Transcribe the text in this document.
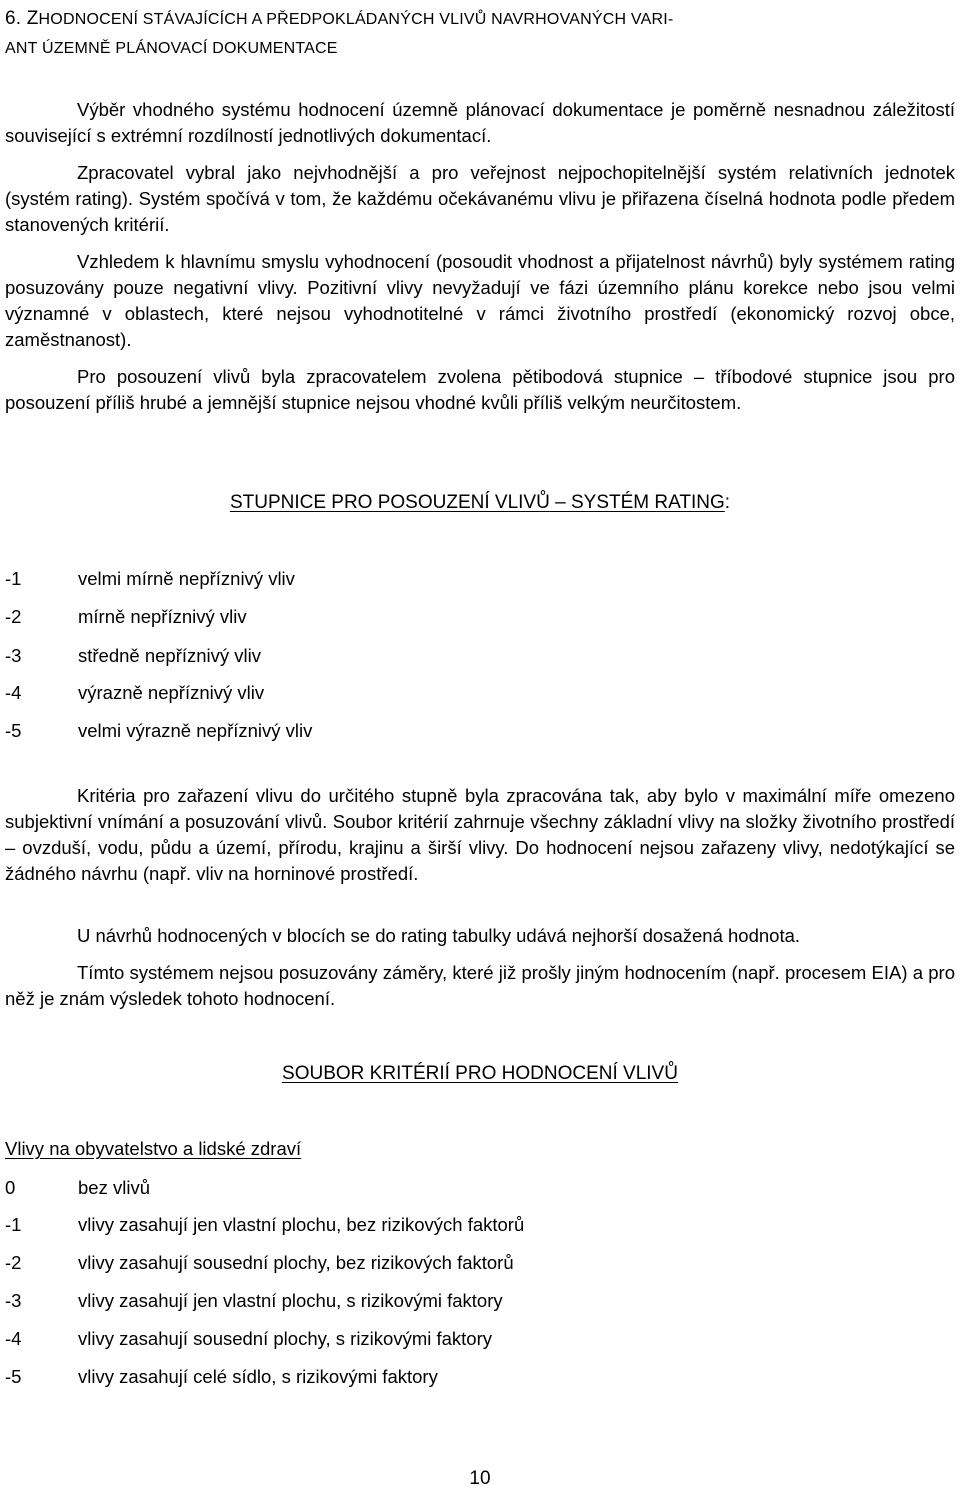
6. ZHODNOCENÍ STÁVAJÍCÍCH A PŘEDPOKLÁDANÝCH VLIVŮ NAVRHOVANÝCH VARI-
ANT ÚZEMNĚ PLÁNOVACÍ DOKUMENTACE

Výběr vhodného systému hodnocení územně plánovací dokumentace je poměrně nesnadnou záležitostí související s extrémní rozdílností jednotlivých dokumentací.

Zpracovatel vybral jako nejvhodnější a pro veřejnost nejpochopitelnější systém relativních jednotek (systém rating). Systém spočívá v tom, že každému očekávanému vlivu je přiřazena číselná hodnota podle předem stanovených kritérií.

Vzhledem k hlavnímu smyslu vyhodnocení (posoudit vhodnost a přijatelnost návrhů) byly systémem rating posuzovány pouze negativní vlivy. Pozitivní vlivy nevyžadují ve fázi územního plánu korekce nebo jsou velmi významné v oblastech, které nejsou vyhodnotitelné v rámci životního prostředí (ekonomický rozvoj obce, zaměstnanost).

Pro posouzení vlivů byla zpracovatelem zvolena pětibodová stupnice – tříbodové stupnice jsou pro posouzení příliš hrubé a jemnější stupnice nejsou vhodné kvůli příliš velkým neurčitostem.

STUPNICE PRO POSOUZENÍ VLIVŮ – SYSTÉM RATING:
-1	velmi mírně nepříznivý vliv
-2	mírně nepříznivý vliv
-3	středně nepříznivý vliv
-4	výrazně nepříznivý vliv
-5	velmi výrazně nepříznivý vliv

Kritéria pro zařazení vlivu do určitého stupně byla zpracována tak, aby bylo v maximální míře omezeno subjektivní vnímání a posuzování vlivů. Soubor kritérií zahrnuje všechny základní vlivy na složky životního prostředí – ovzduší, vodu, půdu a území, přírodu, krajinu a širší vlivy. Do hodnocení nejsou zařazeny vlivy, nedotýkající se žádného návrhu (např. vliv na horninové prostředí.

U návrhů hodnocených v blocích se do rating tabulky udává nejhorší dosažená hodnota.

Tímto systémem nejsou posuzovány záměry, které již prošly jiným hodnocením (např. procesem EIA) a pro něž je znám výsledek tohoto hodnocení.

SOUBOR KRITÉRIÍ PRO HODNOCENÍ VLIVŮ
Vlivy na obyvatelstvo a lidské zdraví
0	bez vlivů
-1	vlivy zasahují jen vlastní plochu, bez rizikových faktorů
-2	vlivy zasahují sousední plochy, bez rizikových faktorů
-3	vlivy zasahují jen vlastní plochu, s rizikovými faktory
-4	vlivy zasahují sousední plochy, s rizikovými faktory
-5	vlivy zasahují celé sídlo, s rizikovými faktory
10
